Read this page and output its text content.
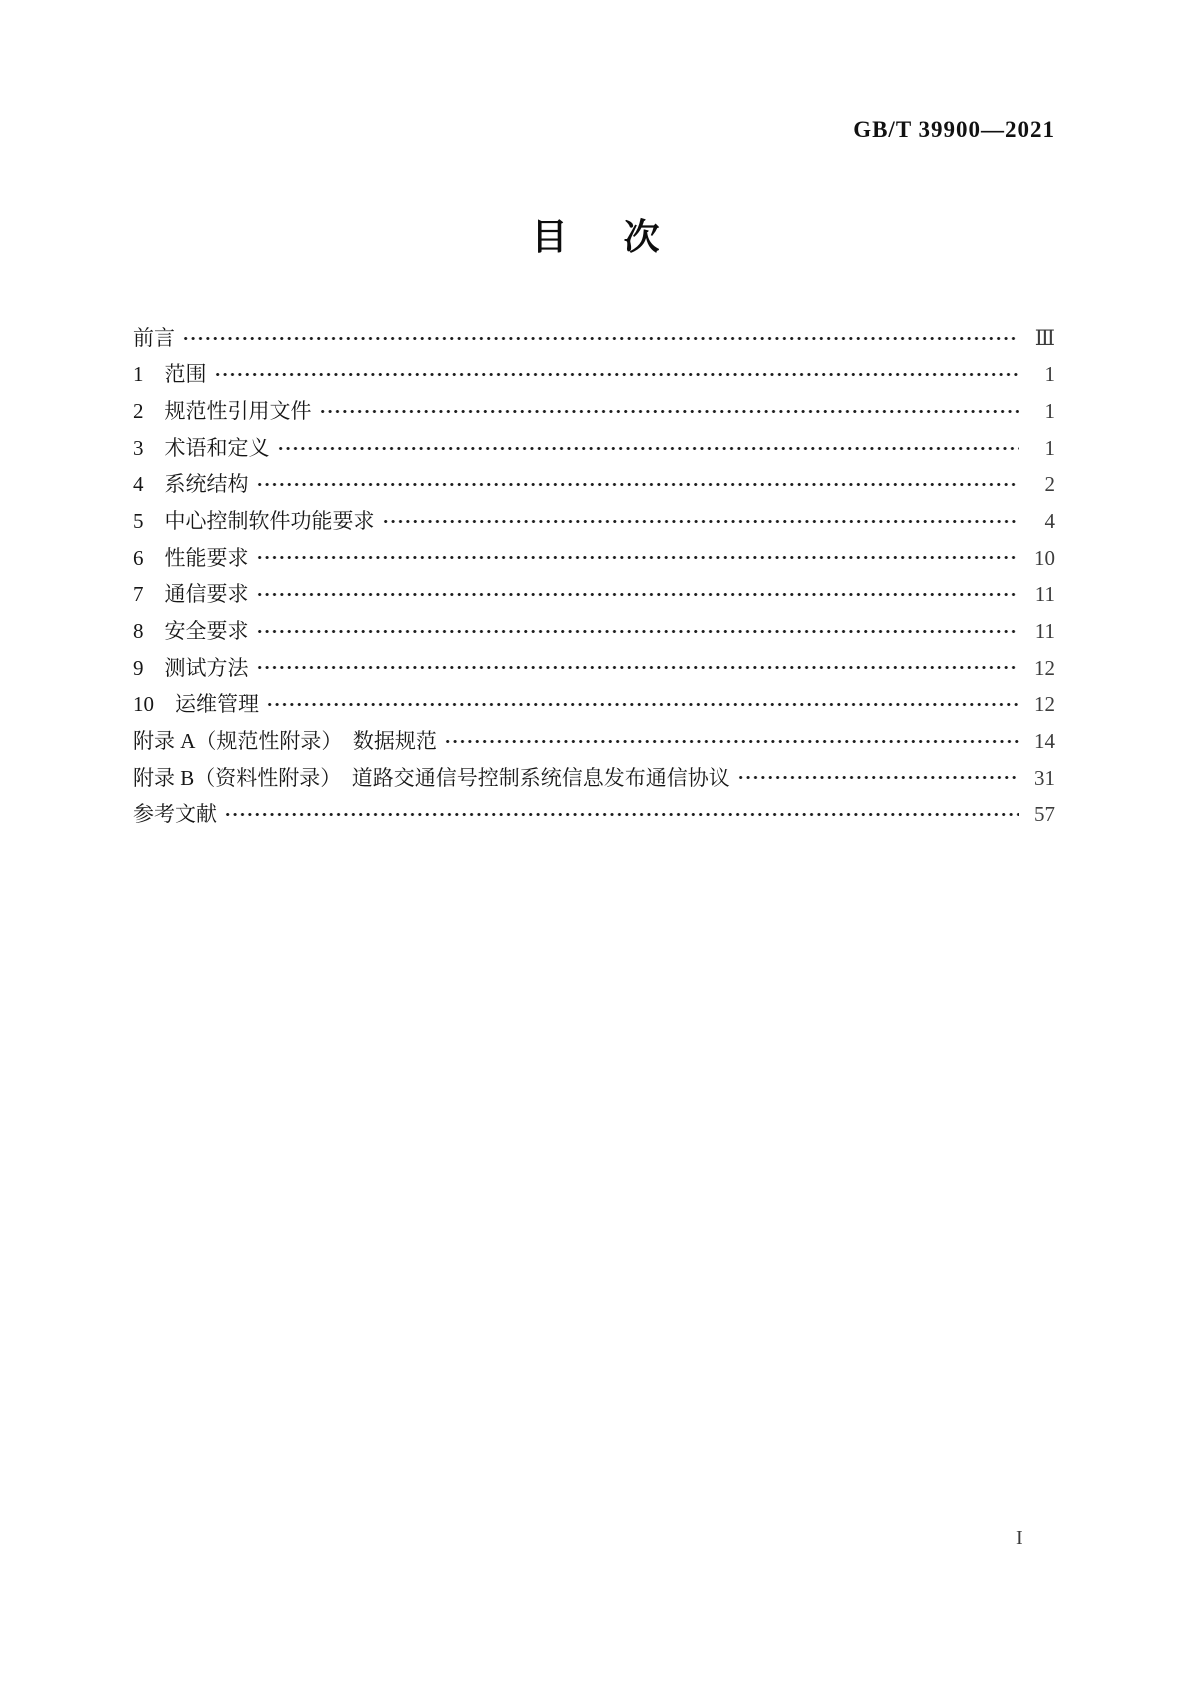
GB/T 39900—2021
目 次
前言	Ⅲ
1　范围	1
2　规范性引用文件	1
3　术语和定义	1
4　系统结构	2
5　中心控制软件功能要求	4
6　性能要求	10
7　通信要求	11
8　安全要求	11
9　测试方法	12
10　运维管理	12
附录 A（规范性附录）　数据规范	14
附录 B（资料性附录）　道路交通信号控制系统信息发布通信协议	31
参考文献	57
I
